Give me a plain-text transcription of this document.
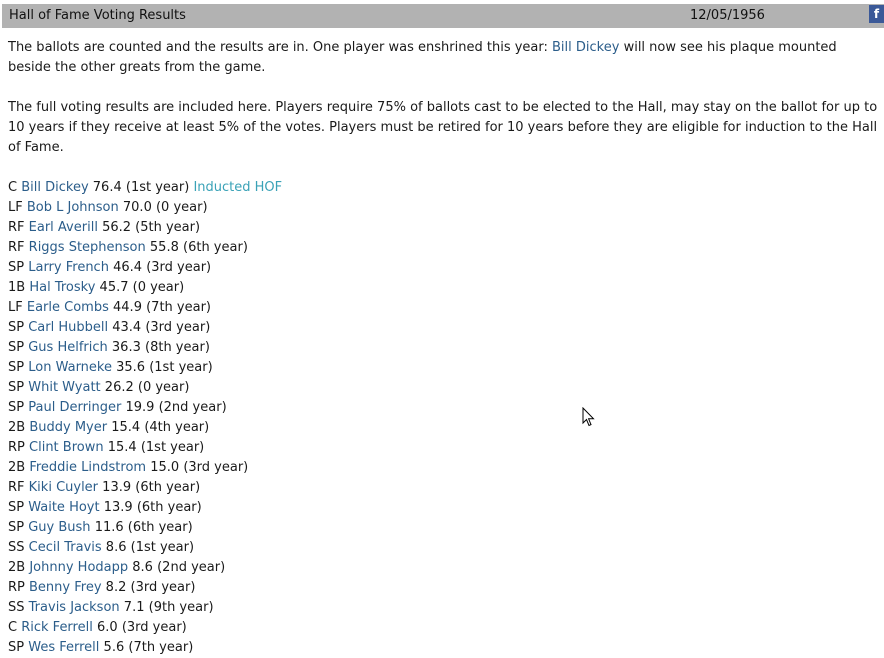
Hall of Fame Voting Results	12/05/1956	f

The ballots are counted and the results are in. One player was enshrined this year: Bill Dickey will now see his plaque mounted beside the other greats from the game.

The full voting results are included here. Players require 75% of ballots cast to be elected to the Hall, may stay on the ballot for up to 10 years if they receive at least 5% of the votes. Players must be retired for 10 years before they are eligible for induction to the Hall of Fame.

C Bill Dickey 76.4 (1st year) Inducted HOF
LF Bob L Johnson 70.0 (0 year)
RF Earl Averill 56.2 (5th year)
RF Riggs Stephenson 55.8 (6th year)
SP Larry French 46.4 (3rd year)
1B Hal Trosky 45.7 (0 year)
LF Earle Combs 44.9 (7th year)
SP Carl Hubbell 43.4 (3rd year)
SP Gus Helfrich 36.3 (8th year)
SP Lon Warneke 35.6 (1st year)
SP Whit Wyatt 26.2 (0 year)
SP Paul Derringer 19.9 (2nd year)
2B Buddy Myer 15.4 (4th year)
RP Clint Brown 15.4 (1st year)
2B Freddie Lindstrom 15.0 (3rd year)
RF Kiki Cuyler 13.9 (6th year)
SP Waite Hoyt 13.9 (6th year)
SP Guy Bush 11.6 (6th year)
SS Cecil Travis 8.6 (1st year)
2B Johnny Hodapp 8.6 (2nd year)
RP Benny Frey 8.2 (3rd year)
SS Travis Jackson 7.1 (9th year)
C Rick Ferrell 6.0 (3rd year)
SP Wes Ferrell 5.6 (7th year)
